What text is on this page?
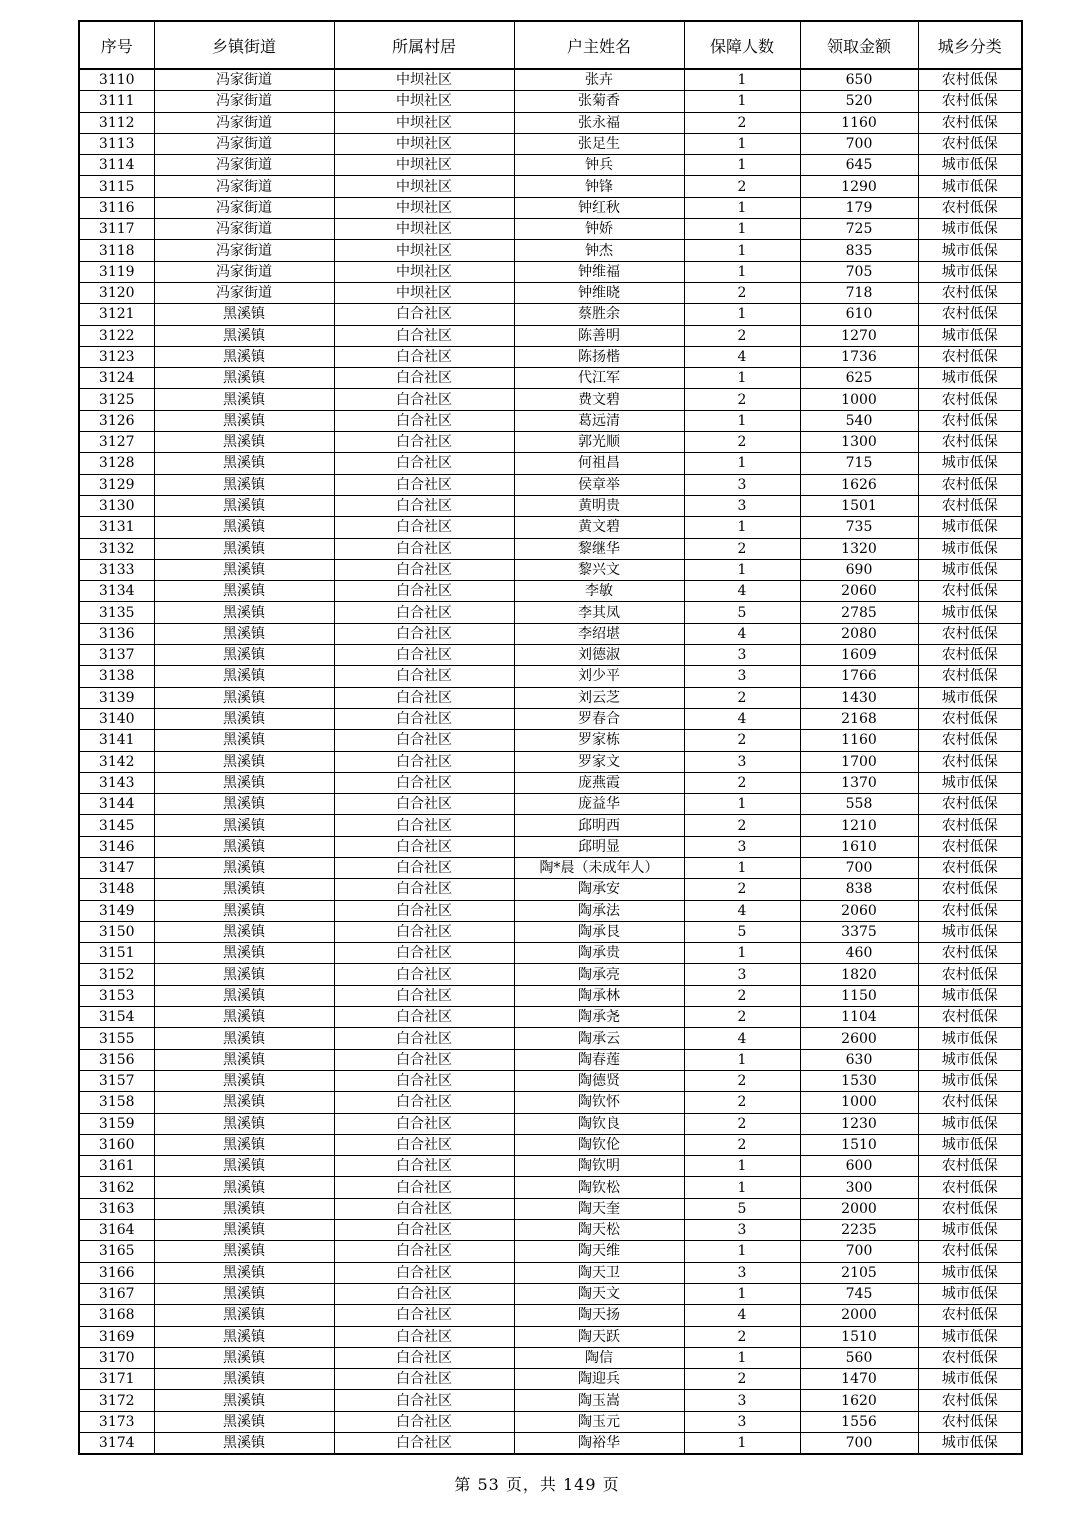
序号	乡镇街道	所属村居	户主姓名	保障人数	领取金额	城乡分类
3110	冯家街道	中坝社区	张卉	1	650	农村低保
3111	冯家街道	中坝社区	张菊香	1	520	农村低保
3112	冯家街道	中坝社区	张永福	2	1160	农村低保
3113	冯家街道	中坝社区	张足生	1	700	农村低保
3114	冯家街道	中坝社区	钟兵	1	645	城市低保
3115	冯家街道	中坝社区	钟锋	2	1290	城市低保
3116	冯家街道	中坝社区	钟红秋	1	179	农村低保
3117	冯家街道	中坝社区	钟娇	1	725	城市低保
3118	冯家街道	中坝社区	钟杰	1	835	城市低保
3119	冯家街道	中坝社区	钟维福	1	705	城市低保
3120	冯家街道	中坝社区	钟维晓	2	718	农村低保
3121	黑溪镇	白合社区	蔡胜余	1	610	农村低保
3122	黑溪镇	白合社区	陈善明	2	1270	城市低保
3123	黑溪镇	白合社区	陈扬楷	4	1736	农村低保
3124	黑溪镇	白合社区	代江军	1	625	城市低保
3125	黑溪镇	白合社区	费文碧	2	1000	农村低保
3126	黑溪镇	白合社区	葛远清	1	540	农村低保
3127	黑溪镇	白合社区	郭光顺	2	1300	农村低保
3128	黑溪镇	白合社区	何祖昌	1	715	城市低保
3129	黑溪镇	白合社区	侯章举	3	1626	农村低保
3130	黑溪镇	白合社区	黄明贵	3	1501	农村低保
3131	黑溪镇	白合社区	黄文碧	1	735	城市低保
3132	黑溪镇	白合社区	黎继华	2	1320	城市低保
3133	黑溪镇	白合社区	黎兴文	1	690	城市低保
3134	黑溪镇	白合社区	李敏	4	2060	农村低保
3135	黑溪镇	白合社区	李其凤	5	2785	城市低保
3136	黑溪镇	白合社区	李绍堪	4	2080	农村低保
3137	黑溪镇	白合社区	刘德淑	3	1609	农村低保
3138	黑溪镇	白合社区	刘少平	3	1766	农村低保
3139	黑溪镇	白合社区	刘云芝	2	1430	城市低保
3140	黑溪镇	白合社区	罗春合	4	2168	农村低保
3141	黑溪镇	白合社区	罗家栋	2	1160	农村低保
3142	黑溪镇	白合社区	罗家文	3	1700	农村低保
3143	黑溪镇	白合社区	庞燕霞	2	1370	城市低保
3144	黑溪镇	白合社区	庞益华	1	558	农村低保
3145	黑溪镇	白合社区	邱明西	2	1210	农村低保
3146	黑溪镇	白合社区	邱明显	3	1610	农村低保
3147	黑溪镇	白合社区	陶*晨（未成年人）	1	700	农村低保
3148	黑溪镇	白合社区	陶承安	2	838	农村低保
3149	黑溪镇	白合社区	陶承法	4	2060	农村低保
3150	黑溪镇	白合社区	陶承艮	5	3375	城市低保
3151	黑溪镇	白合社区	陶承贵	1	460	农村低保
3152	黑溪镇	白合社区	陶承亮	3	1820	农村低保
3153	黑溪镇	白合社区	陶承林	2	1150	城市低保
3154	黑溪镇	白合社区	陶承尧	2	1104	农村低保
3155	黑溪镇	白合社区	陶承云	4	2600	城市低保
3156	黑溪镇	白合社区	陶春莲	1	630	城市低保
3157	黑溪镇	白合社区	陶德贤	2	1530	城市低保
3158	黑溪镇	白合社区	陶钦怀	2	1000	农村低保
3159	黑溪镇	白合社区	陶钦良	2	1230	城市低保
3160	黑溪镇	白合社区	陶钦伦	2	1510	城市低保
3161	黑溪镇	白合社区	陶钦明	1	600	农村低保
3162	黑溪镇	白合社区	陶钦松	1	300	农村低保
3163	黑溪镇	白合社区	陶天奎	5	2000	农村低保
3164	黑溪镇	白合社区	陶天松	3	2235	城市低保
3165	黑溪镇	白合社区	陶天维	1	700	农村低保
3166	黑溪镇	白合社区	陶天卫	3	2105	城市低保
3167	黑溪镇	白合社区	陶天文	1	745	城市低保
3168	黑溪镇	白合社区	陶天扬	4	2000	农村低保
3169	黑溪镇	白合社区	陶天跃	2	1510	城市低保
3170	黑溪镇	白合社区	陶信	1	560	农村低保
3171	黑溪镇	白合社区	陶迎兵	2	1470	城市低保
3172	黑溪镇	白合社区	陶玉嵩	3	1620	农村低保
3173	黑溪镇	白合社区	陶玉元	3	1556	农村低保
3174	黑溪镇	白合社区	陶裕华	1	700	城市低保
第 53 页，共 149 页
